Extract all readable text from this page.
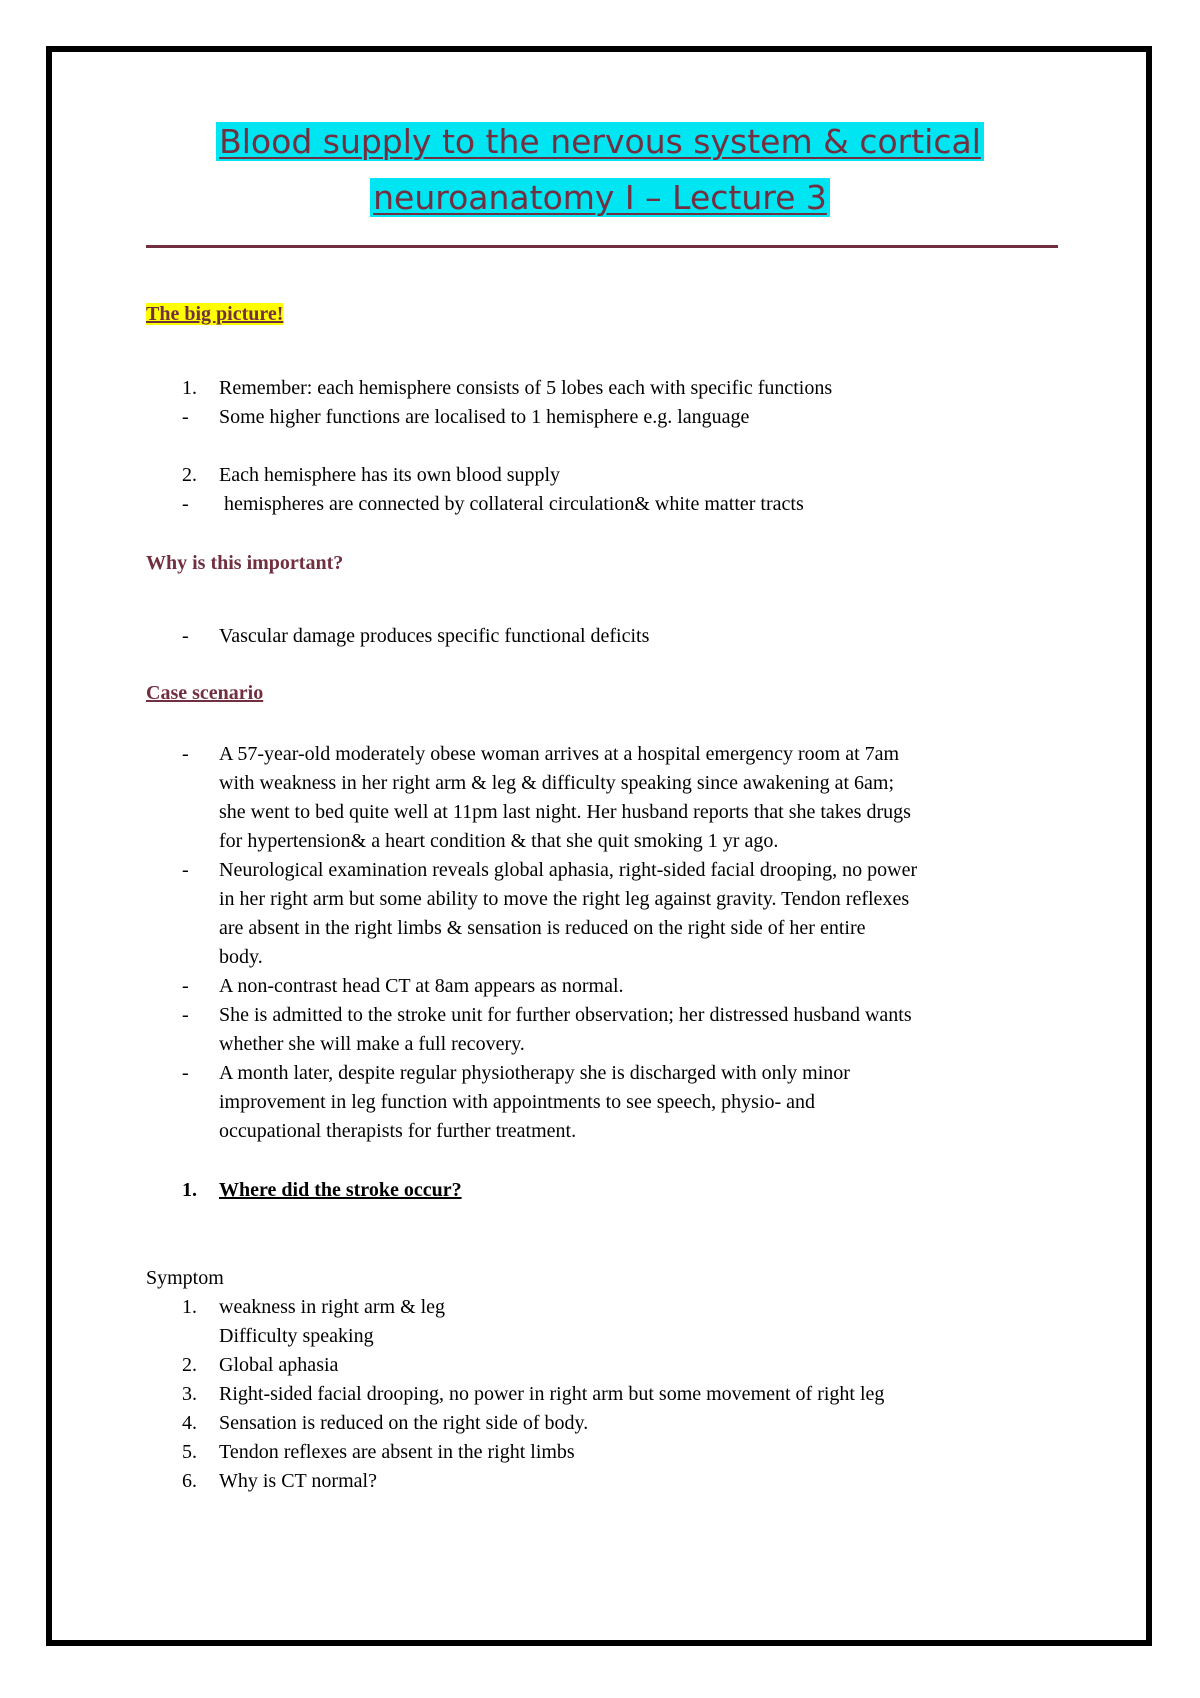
Blood supply to the nervous system & cortical
neuroanatomy I – Lecture 3
The big picture!
1. Remember: each hemisphere consists of 5 lobes each with specific functions
- Some higher functions are localised to 1 hemisphere e.g. language
2. Each hemisphere has its own blood supply
- hemispheres are connected by collateral circulation& white matter tracts
Why is this important?
- Vascular damage produces specific functional deficits
Case scenario
- A 57-year-old moderately obese woman arrives at a hospital emergency room at 7am
with weakness in her right arm & leg & difficulty speaking since awakening at 6am;
she went to bed quite well at 11pm last night. Her husband reports that she takes drugs
for hypertension& a heart condition & that she quit smoking 1 yr ago.
- Neurological examination reveals global aphasia, right-sided facial drooping, no power
in her right arm but some ability to move the right leg against gravity. Tendon reflexes
are absent in the right limbs & sensation is reduced on the right side of her entire
body.
- A non-contrast head CT at 8am appears as normal.
- She is admitted to the stroke unit for further observation; her distressed husband wants
whether she will make a full recovery.
- A month later, despite regular physiotherapy she is discharged with only minor
improvement in leg function with appointments to see speech, physio- and
occupational therapists for further treatment.
1. Where did the stroke occur?
Symptom
1. weakness in right arm & leg
Difficulty speaking
2. Global aphasia
3. Right-sided facial drooping, no power in right arm but some movement of right leg
4. Sensation is reduced on the right side of body.
5. Tendon reflexes are absent in the right limbs
6. Why is CT normal?
